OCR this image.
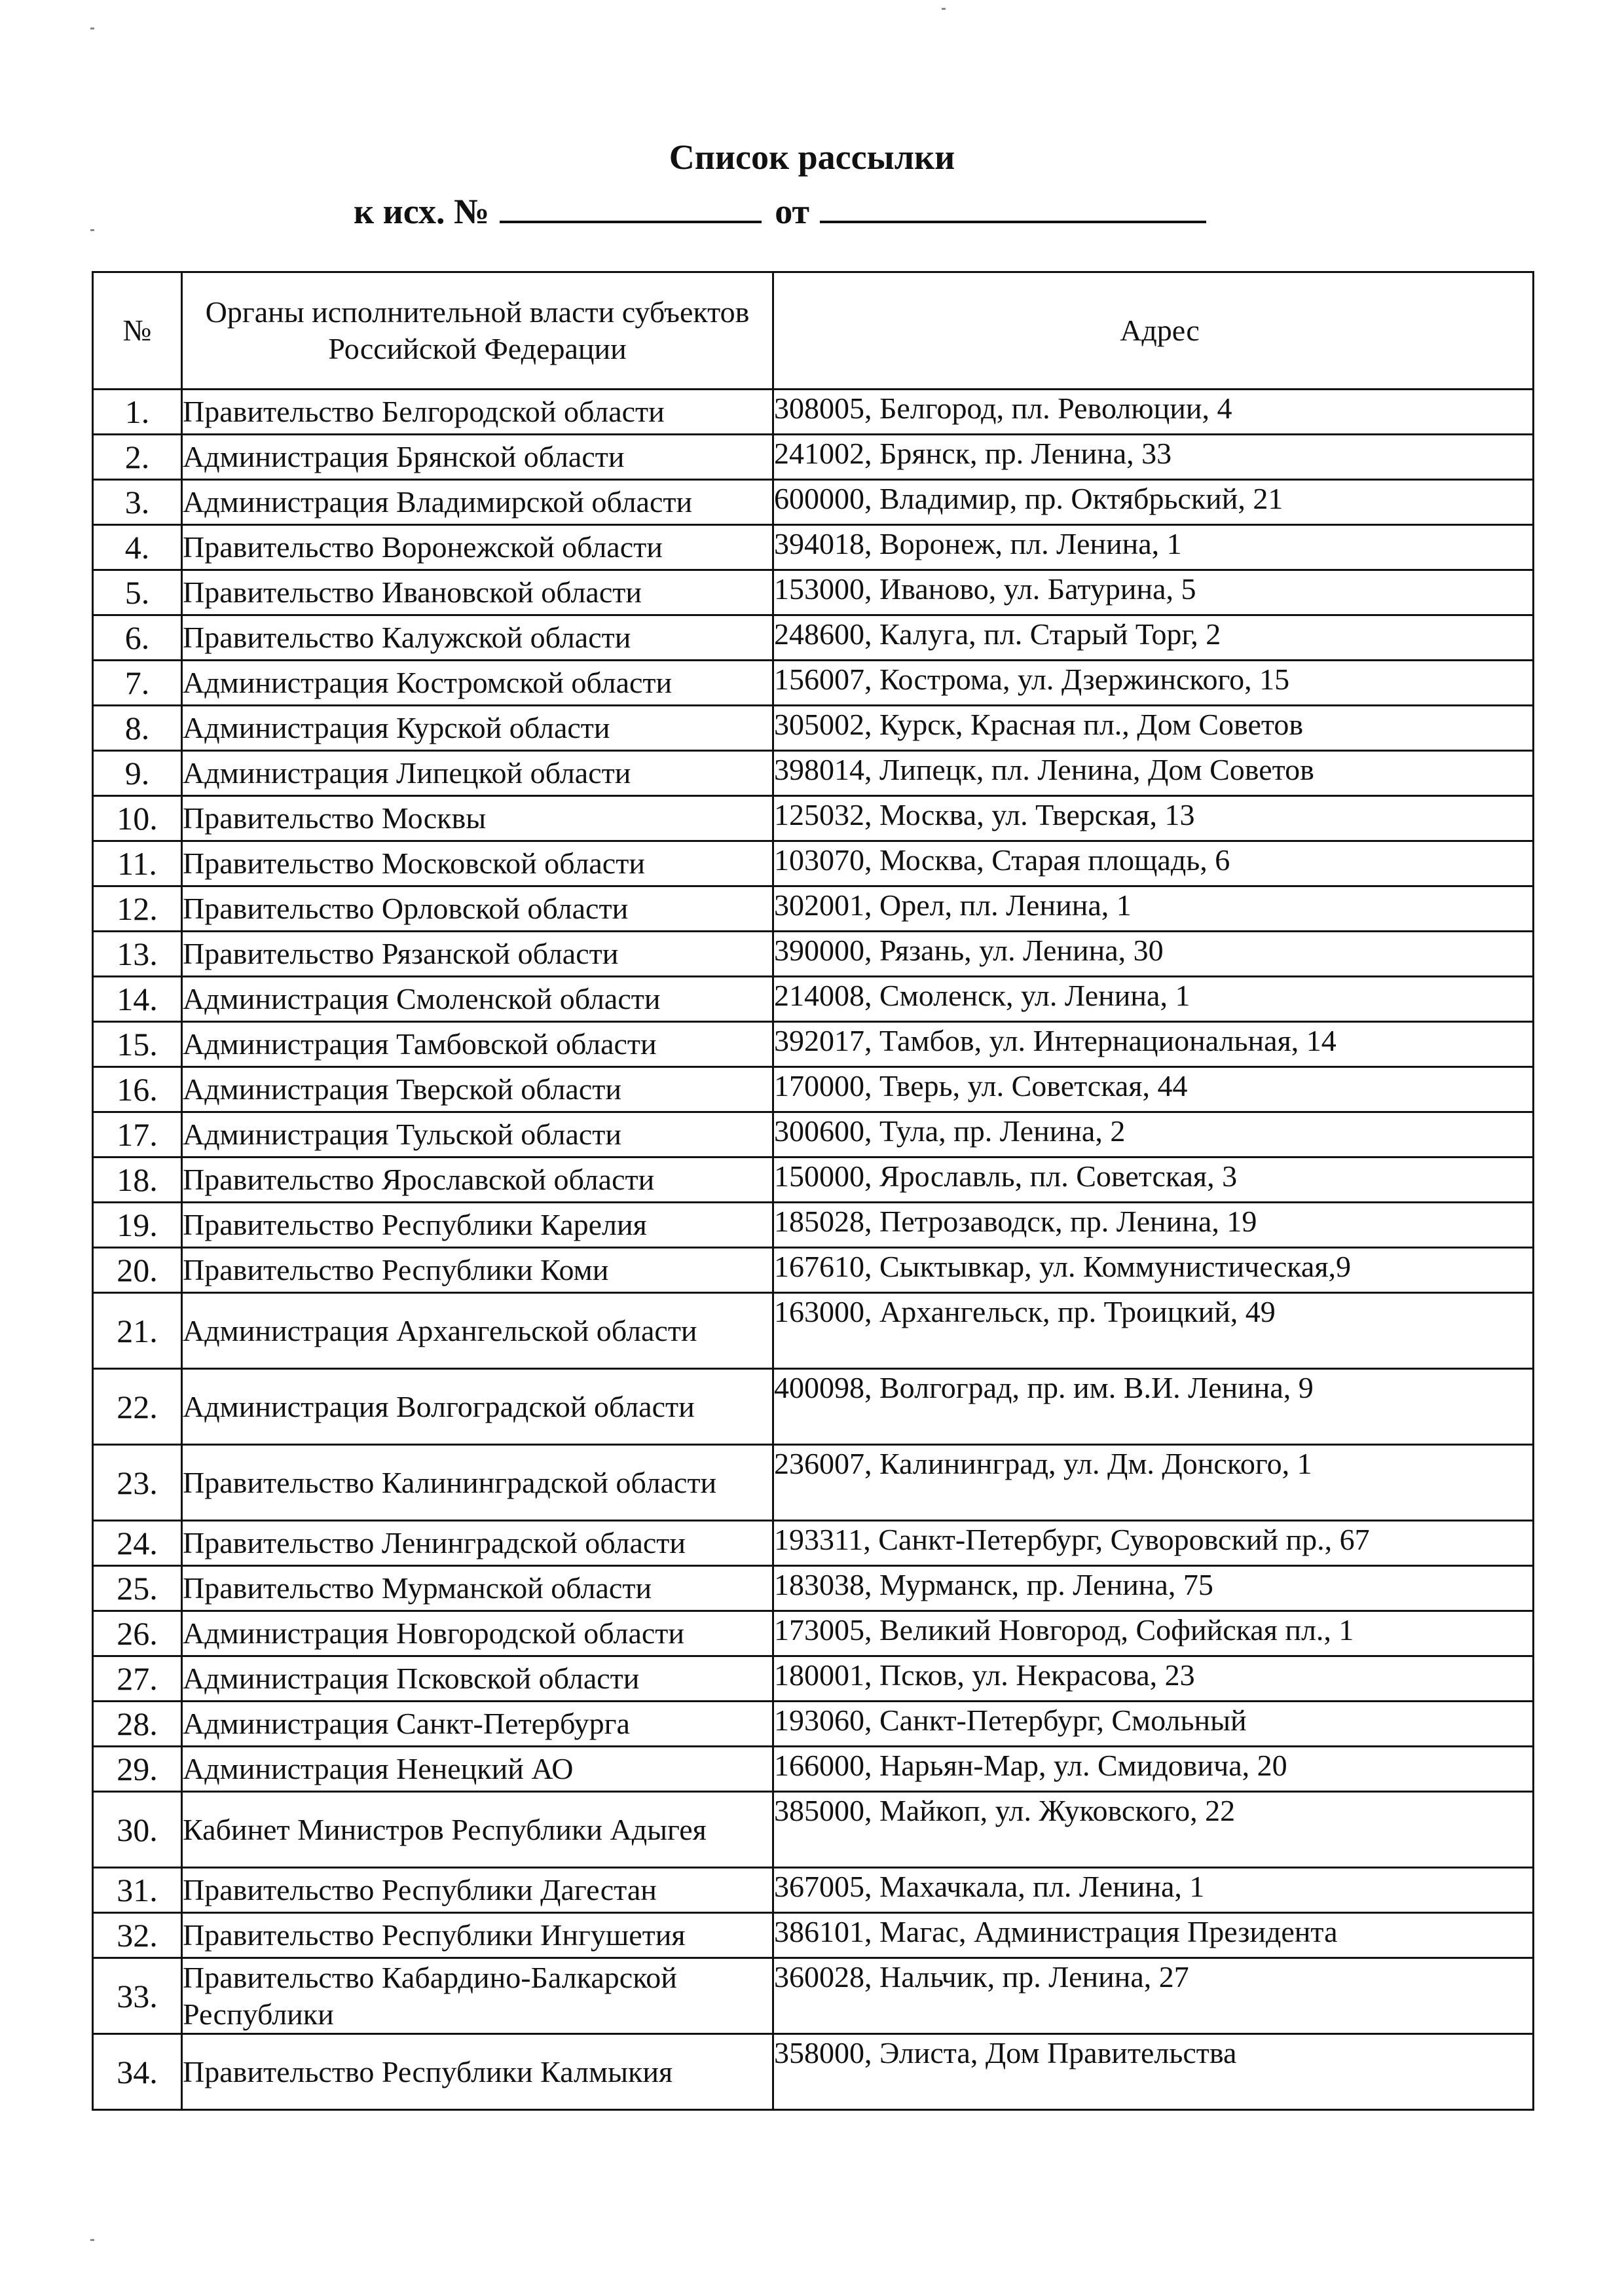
Список рассылки
к исх. №	от
№	Органы исполнительной власти субъектов Российской Федерации	Адрес
1.	Правительство Белгородской области	308005, Белгород, пл. Революции, 4
2.	Администрация Брянской области	241002, Брянск, пр. Ленина, 33
3.	Администрация Владимирской области	600000, Владимир, пр. Октябрьский, 21
4.	Правительство Воронежской области	394018, Воронеж, пл. Ленина, 1
5.	Правительство Ивановской области	153000, Иваново, ул. Батурина, 5
6.	Правительство Калужской области	248600, Калуга, пл. Старый Торг, 2
7.	Администрация Костромской области	156007, Кострома, ул. Дзержинского, 15
8.	Администрация Курской области	305002, Курск, Красная пл., Дом Советов
9.	Администрация Липецкой области	398014, Липецк, пл. Ленина, Дом Советов
10.	Правительство Москвы	125032, Москва, ул. Тверская, 13
11.	Правительство Московской области	103070, Москва, Старая площадь, 6
12.	Правительство Орловской области	302001, Орел, пл. Ленина, 1
13.	Правительство Рязанской области	390000, Рязань, ул. Ленина, 30
14.	Администрация Смоленской области	214008, Смоленск, ул. Ленина, 1
15.	Администрация Тамбовской области	392017, Тамбов, ул. Интернациональная, 14
16.	Администрация Тверской области	170000, Тверь, ул. Советская, 44
17.	Администрация Тульской области	300600, Тула, пр. Ленина, 2
18.	Правительство Ярославской области	150000, Ярославль, пл. Советская, 3
19.	Правительство Республики Карелия	185028, Петрозаводск, пр. Ленина, 19
20.	Правительство Республики Коми	167610, Сыктывкар, ул. Коммунистическая,9
21.	Администрация Архангельской области	163000, Архангельск, пр. Троицкий, 49
22.	Администрация Волгоградской области	400098, Волгоград, пр. им. В.И. Ленина, 9
23.	Правительство Калининградской области	236007, Калининград, ул. Дм. Донского, 1
24.	Правительство Ленинградской области	193311, Санкт-Петербург, Суворовский пр., 67
25.	Правительство Мурманской области	183038, Мурманск, пр. Ленина, 75
26.	Администрация Новгородской области	173005, Великий Новгород, Софийская пл., 1
27.	Администрация Псковской области	180001, Псков, ул. Некрасова, 23
28.	Администрация Санкт-Петербурга	193060, Санкт-Петербург, Смольный
29.	Администрация Ненецкий АО	166000, Нарьян-Мар, ул. Смидовича, 20
30.	Кабинет Министров Республики Адыгея	385000, Майкоп, ул. Жуковского, 22
31.	Правительство Республики Дагестан	367005, Махачкала, пл. Ленина, 1
32.	Правительство Республики Ингушетия	386101, Магас, Администрация Президента
33.	Правительство Кабардино-Балкарской Республики	360028, Нальчик, пр. Ленина, 27
34.	Правительство Республики Калмыкия	358000, Элиста, Дом Правительства
